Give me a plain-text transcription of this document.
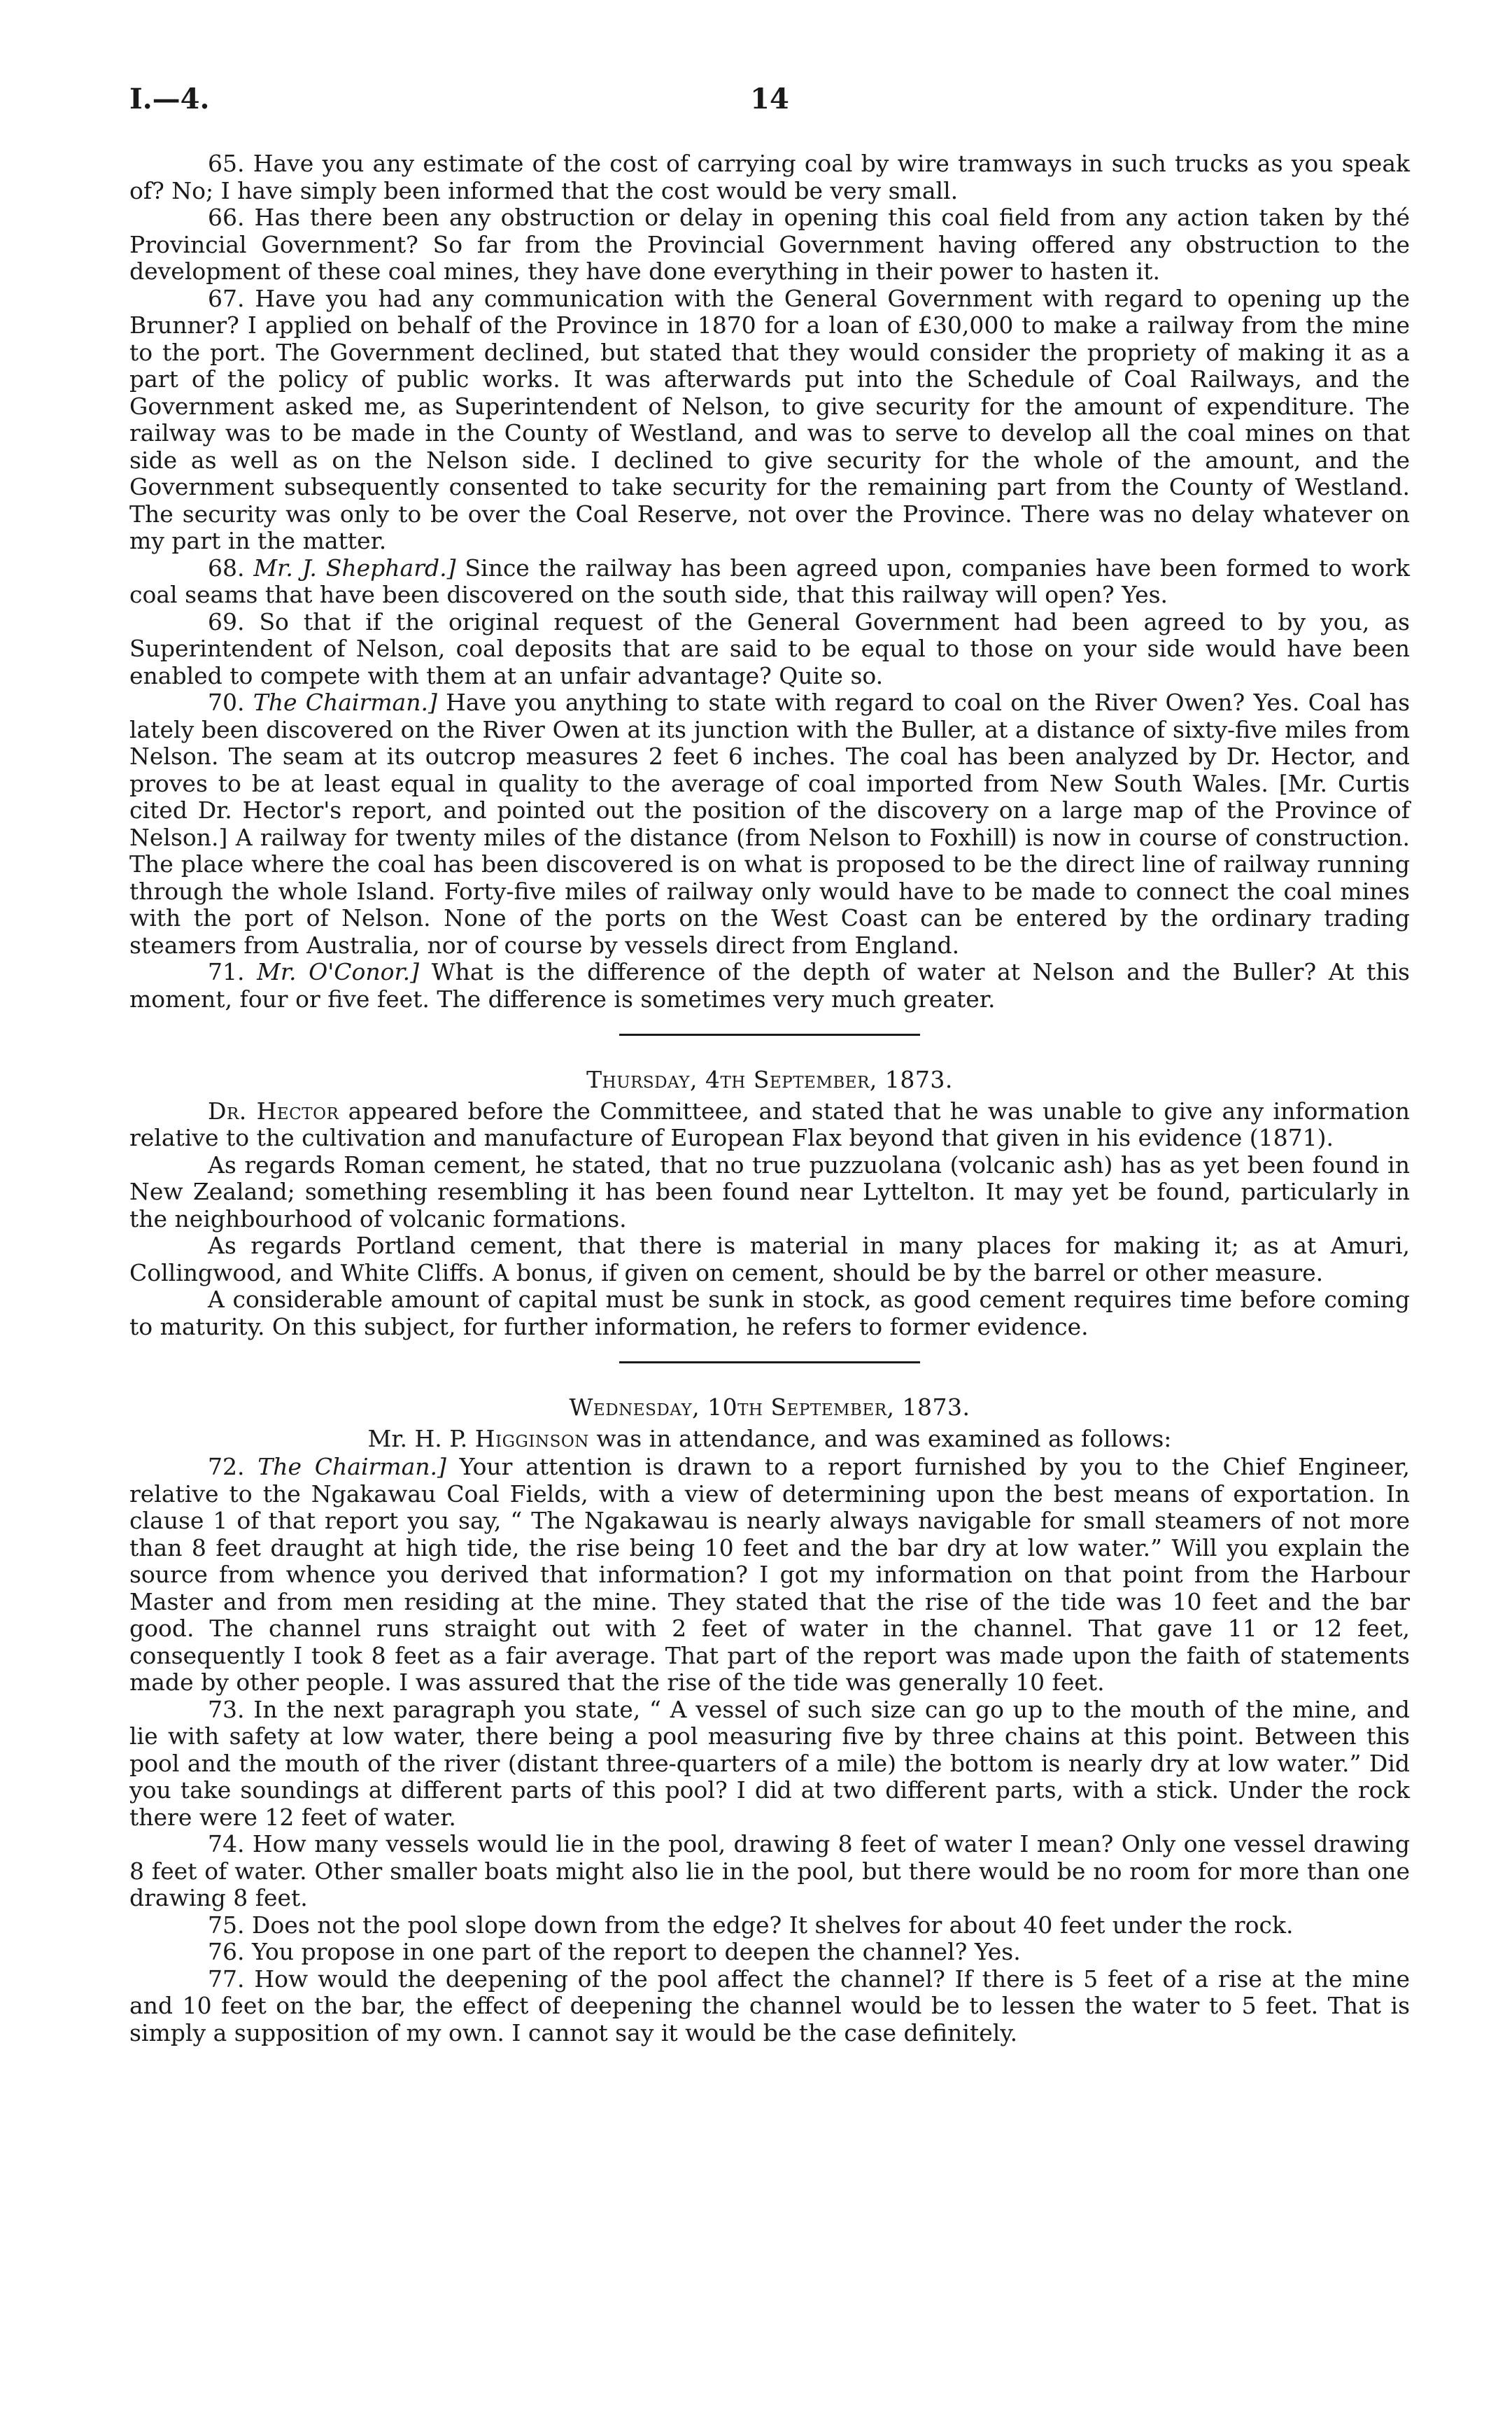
I.—4.	14

65. Have you any estimate of the cost of carrying coal by wire tramways in such trucks as you speak of? No; I have simply been informed that the cost would be very small.

66. Has there been any obstruction or delay in opening this coal field from any action taken by thé Provincial Government? So far from the Provincial Government having offered any obstruction to the development of these coal mines, they have done everything in their power to hasten it.

67. Have you had any communication with the General Government with regard to opening up the Brunner? I applied on behalf of the Province in 1870 for a loan of £30,000 to make a railway from the mine to the port. The Government declined, but stated that they would consider the propriety of making it as a part of the policy of public works. It was afterwards put into the Schedule of Coal Railways, and the Government asked me, as Superintendent of Nelson, to give security for the amount of expenditure. The railway was to be made in the County of Westland, and was to serve to develop all the coal mines on that side as well as on the Nelson side. I declined to give security for the whole of the amount, and the Government subsequently consented to take security for the remaining part from the County of Westland. The security was only to be over the Coal Reserve, not over the Province. There was no delay whatever on my part in the matter.

68. Mr. J. Shephard.] Since the railway has been agreed upon, companies have been formed to work coal seams that have been discovered on the south side, that this railway will open? Yes.

69. So that if the original request of the General Government had been agreed to by you, as Superintendent of Nelson, coal deposits that are said to be equal to those on your side would have been enabled to compete with them at an unfair advantage? Quite so.

70. The Chairman.] Have you anything to state with regard to coal on the River Owen? Yes. Coal has lately been discovered on the River Owen at its junction with the Buller, at a distance of sixty-five miles from Nelson. The seam at its outcrop measures 2 feet 6 inches. The coal has been analyzed by Dr. Hector, and proves to be at least equal in quality to the average of coal imported from New South Wales. [Mr. Curtis cited Dr. Hector's report, and pointed out the position of the discovery on a large map of the Province of Nelson.] A railway for twenty miles of the distance (from Nelson to Foxhill) is now in course of construction. The place where the coal has been discovered is on what is proposed to be the direct line of railway running through the whole Island. Forty-five miles of railway only would have to be made to connect the coal mines with the port of Nelson. None of the ports on the West Coast can be entered by the ordinary trading steamers from Australia, nor of course by vessels direct from England.

71. Mr. O'Conor.] What is the difference of the depth of water at Nelson and the Buller? At this moment, four or five feet. The difference is sometimes very much greater.

Thursday, 4th September, 1873.

Dr. Hector appeared before the Committeee, and stated that he was unable to give any information relative to the cultivation and manufacture of European Flax beyond that given in his evidence (1871).

As regards Roman cement, he stated, that no true puzzuolana (volcanic ash) has as yet been found in New Zealand; something resembling it has been found near Lyttelton. It may yet be found, particularly in the neighbourhood of volcanic formations.

As regards Portland cement, that there is material in many places for making it; as at Amuri, Collingwood, and White Cliffs. A bonus, if given on cement, should be by the barrel or other measure.

A considerable amount of capital must be sunk in stock, as good cement requires time before coming to maturity. On this subject, for further information, he refers to former evidence.

Wednesday, 10th September, 1873.

Mr. H. P. Higginson was in attendance, and was examined as follows:

72. The Chairman.] Your attention is drawn to a report furnished by you to the Chief Engineer, relative to the Ngakawau Coal Fields, with a view of determining upon the best means of exportation. In clause 1 of that report you say, “ The Ngakawau is nearly always navigable for small steamers of not more than 8 feet draught at high tide, the rise being 10 feet and the bar dry at low water.” Will you explain the source from whence you derived that information? I got my information on that point from the Harbour Master and from men residing at the mine. They stated that the rise of the tide was 10 feet and the bar good. The channel runs straight out with 2 feet of water in the channel. That gave 11 or 12 feet, consequently I took 8 feet as a fair average. That part of the report was made upon the faith of statements made by other people. I was assured that the rise of the tide was generally 10 feet.

73. In the next paragraph you state, “ A vessel of such size can go up to the mouth of the mine, and lie with safety at low water, there being a pool measuring five by three chains at this point. Between this pool and the mouth of the river (distant three-quarters of a mile) the bottom is nearly dry at low water.” Did you take soundings at different parts of this pool? I did at two different parts, with a stick. Under the rock there were 12 feet of water.

74. How many vessels would lie in the pool, drawing 8 feet of water I mean? Only one vessel drawing 8 feet of water. Other smaller boats might also lie in the pool, but there would be no room for more than one drawing 8 feet.

75. Does not the pool slope down from the edge? It shelves for about 40 feet under the rock.

76. You propose in one part of the report to deepen the channel? Yes.

77. How would the deepening of the pool affect the channel? If there is 5 feet of a rise at the mine and 10 feet on the bar, the effect of deepening the channel would be to lessen the water to 5 feet. That is simply a supposition of my own. I cannot say it would be the case definitely.
